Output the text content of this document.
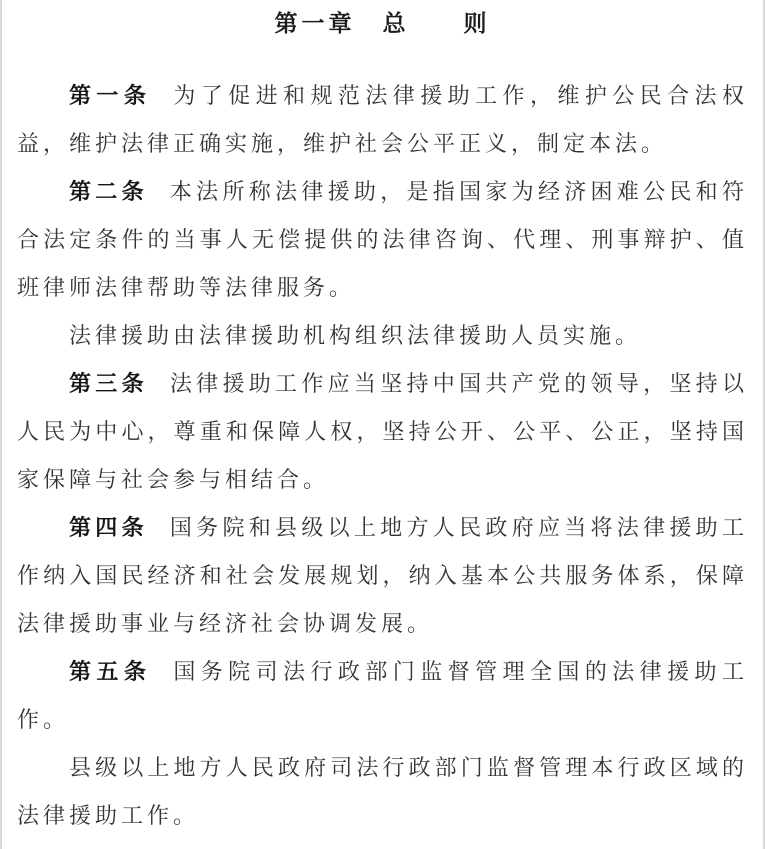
第一章　总　　则

第一条 为了促进和规范法律援助工作，维护公民合法权益，维护法律正确实施，维护社会公平正义，制定本法。

第二条 本法所称法律援助，是指国家为经济困难公民和符合法定条件的当事人无偿提供的法律咨询、代理、刑事辩护、值班律师法律帮助等法律服务。

法律援助由法律援助机构组织法律援助人员实施。

第三条 法律援助工作应当坚持中国共产党的领导，坚持以人民为中心，尊重和保障人权，坚持公开、公平、公正，坚持国家保障与社会参与相结合。

第四条 国务院和县级以上地方人民政府应当将法律援助工作纳入国民经济和社会发展规划，纳入基本公共服务体系，保障法律援助事业与经济社会协调发展。

第五条 国务院司法行政部门监督管理全国的法律援助工作。

县级以上地方人民政府司法行政部门监督管理本行政区域的法律援助工作。
